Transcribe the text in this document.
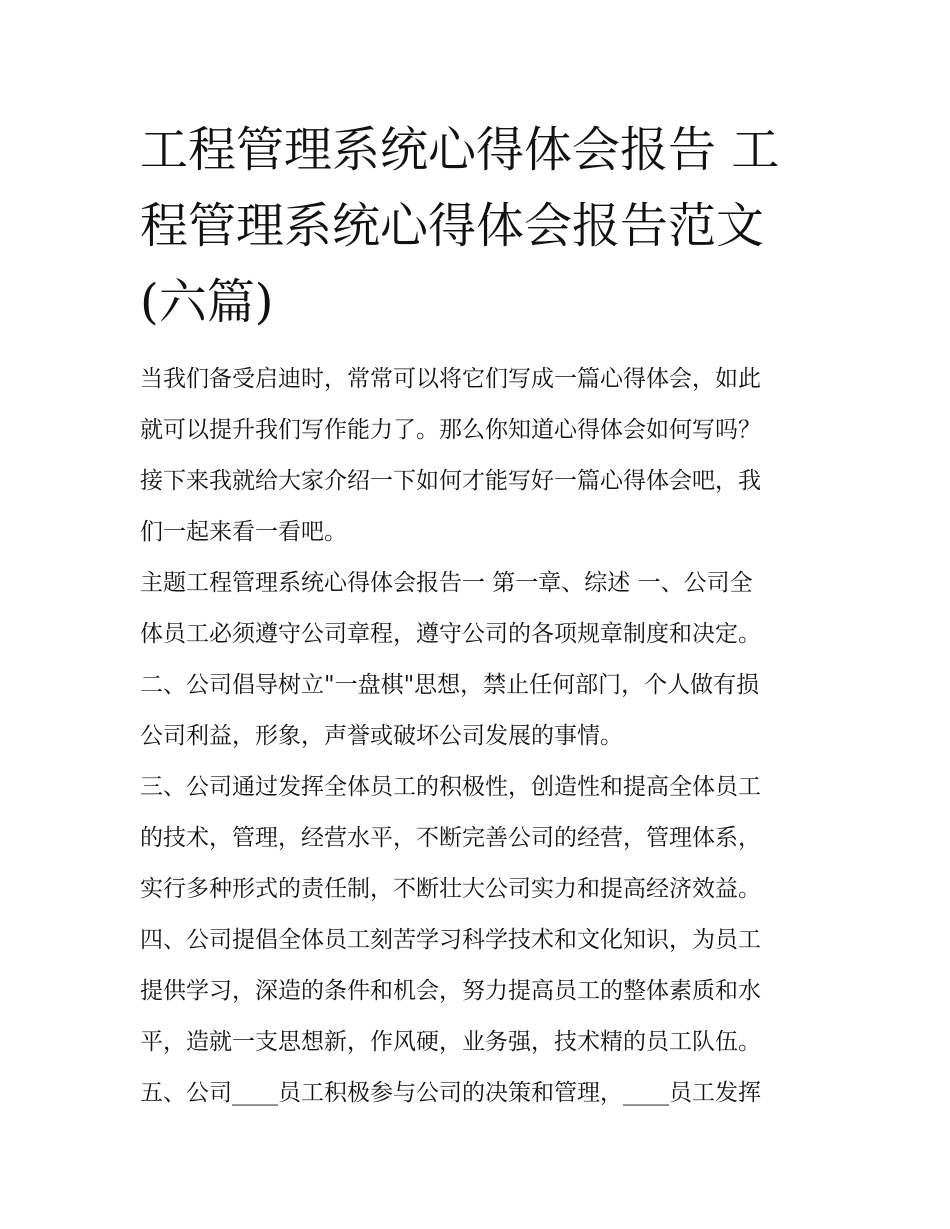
工程管理系统心得体会报告 工
程管理系统心得体会报告范文
(六篇)

当我们备受启迪时，常常可以将它们写成一篇心得体会，如此
就可以提升我们写作能力了。那么你知道心得体会如何写吗？
接下来我就给大家介绍一下如何才能写好一篇心得体会吧，我
们一起来看一看吧。

主题工程管理系统心得体会报告一 第一章、综述 一、公司全
体员工必须遵守公司章程，遵守公司的各项规章制度和决定。

二、公司倡导树立"一盘棋"思想，禁止任何部门，个人做有损
公司利益，形象，声誉或破坏公司发展的事情。

三、公司通过发挥全体员工的积极性，创造性和提高全体员工
的技术，管理，经营水平，不断完善公司的经营，管理体系，
实行多种形式的责任制，不断壮大公司实力和提高经济效益。

四、公司提倡全体员工刻苦学习科学技术和文化知识，为员工
提供学习，深造的条件和机会，努力提高员工的整体素质和水
平，造就一支思想新，作风硬，业务强，技术精的员工队伍。

五、公司____员工积极参与公司的决策和管理，____员工发挥
